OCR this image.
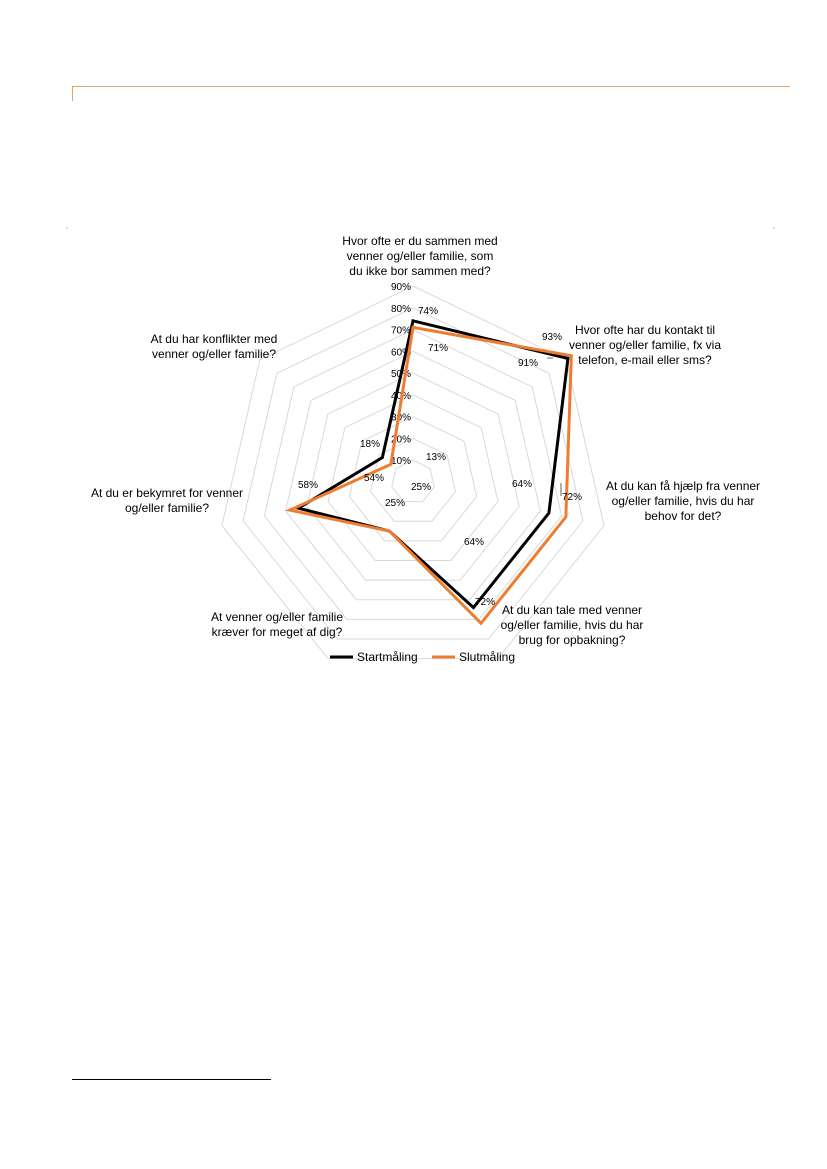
10%
20%
30%
40%
50%
60%
70%
80%
90%
Hvor ofte er du sammen med venner og/eller familie, som du ikke bor sammen med?
Hvor ofte har du kontakt til venner og/eller familie, fx via telefon, e-mail eller sms?
At du kan få hjælp fra venner og/eller familie, hvis du har behov for det?
At du kan tale med venner og/eller familie, hvis du har brug for opbakning?
At venner og/eller familie kræver for meget af dig?
At du er bekymret for venner og/eller familie?
At du har konflikter med venner og/eller familie?
74%
91%
64%
64%
25%
54%
18%
71%
93%
72%
72%
25%
58%
13%
Startmåling	Slutmåling
